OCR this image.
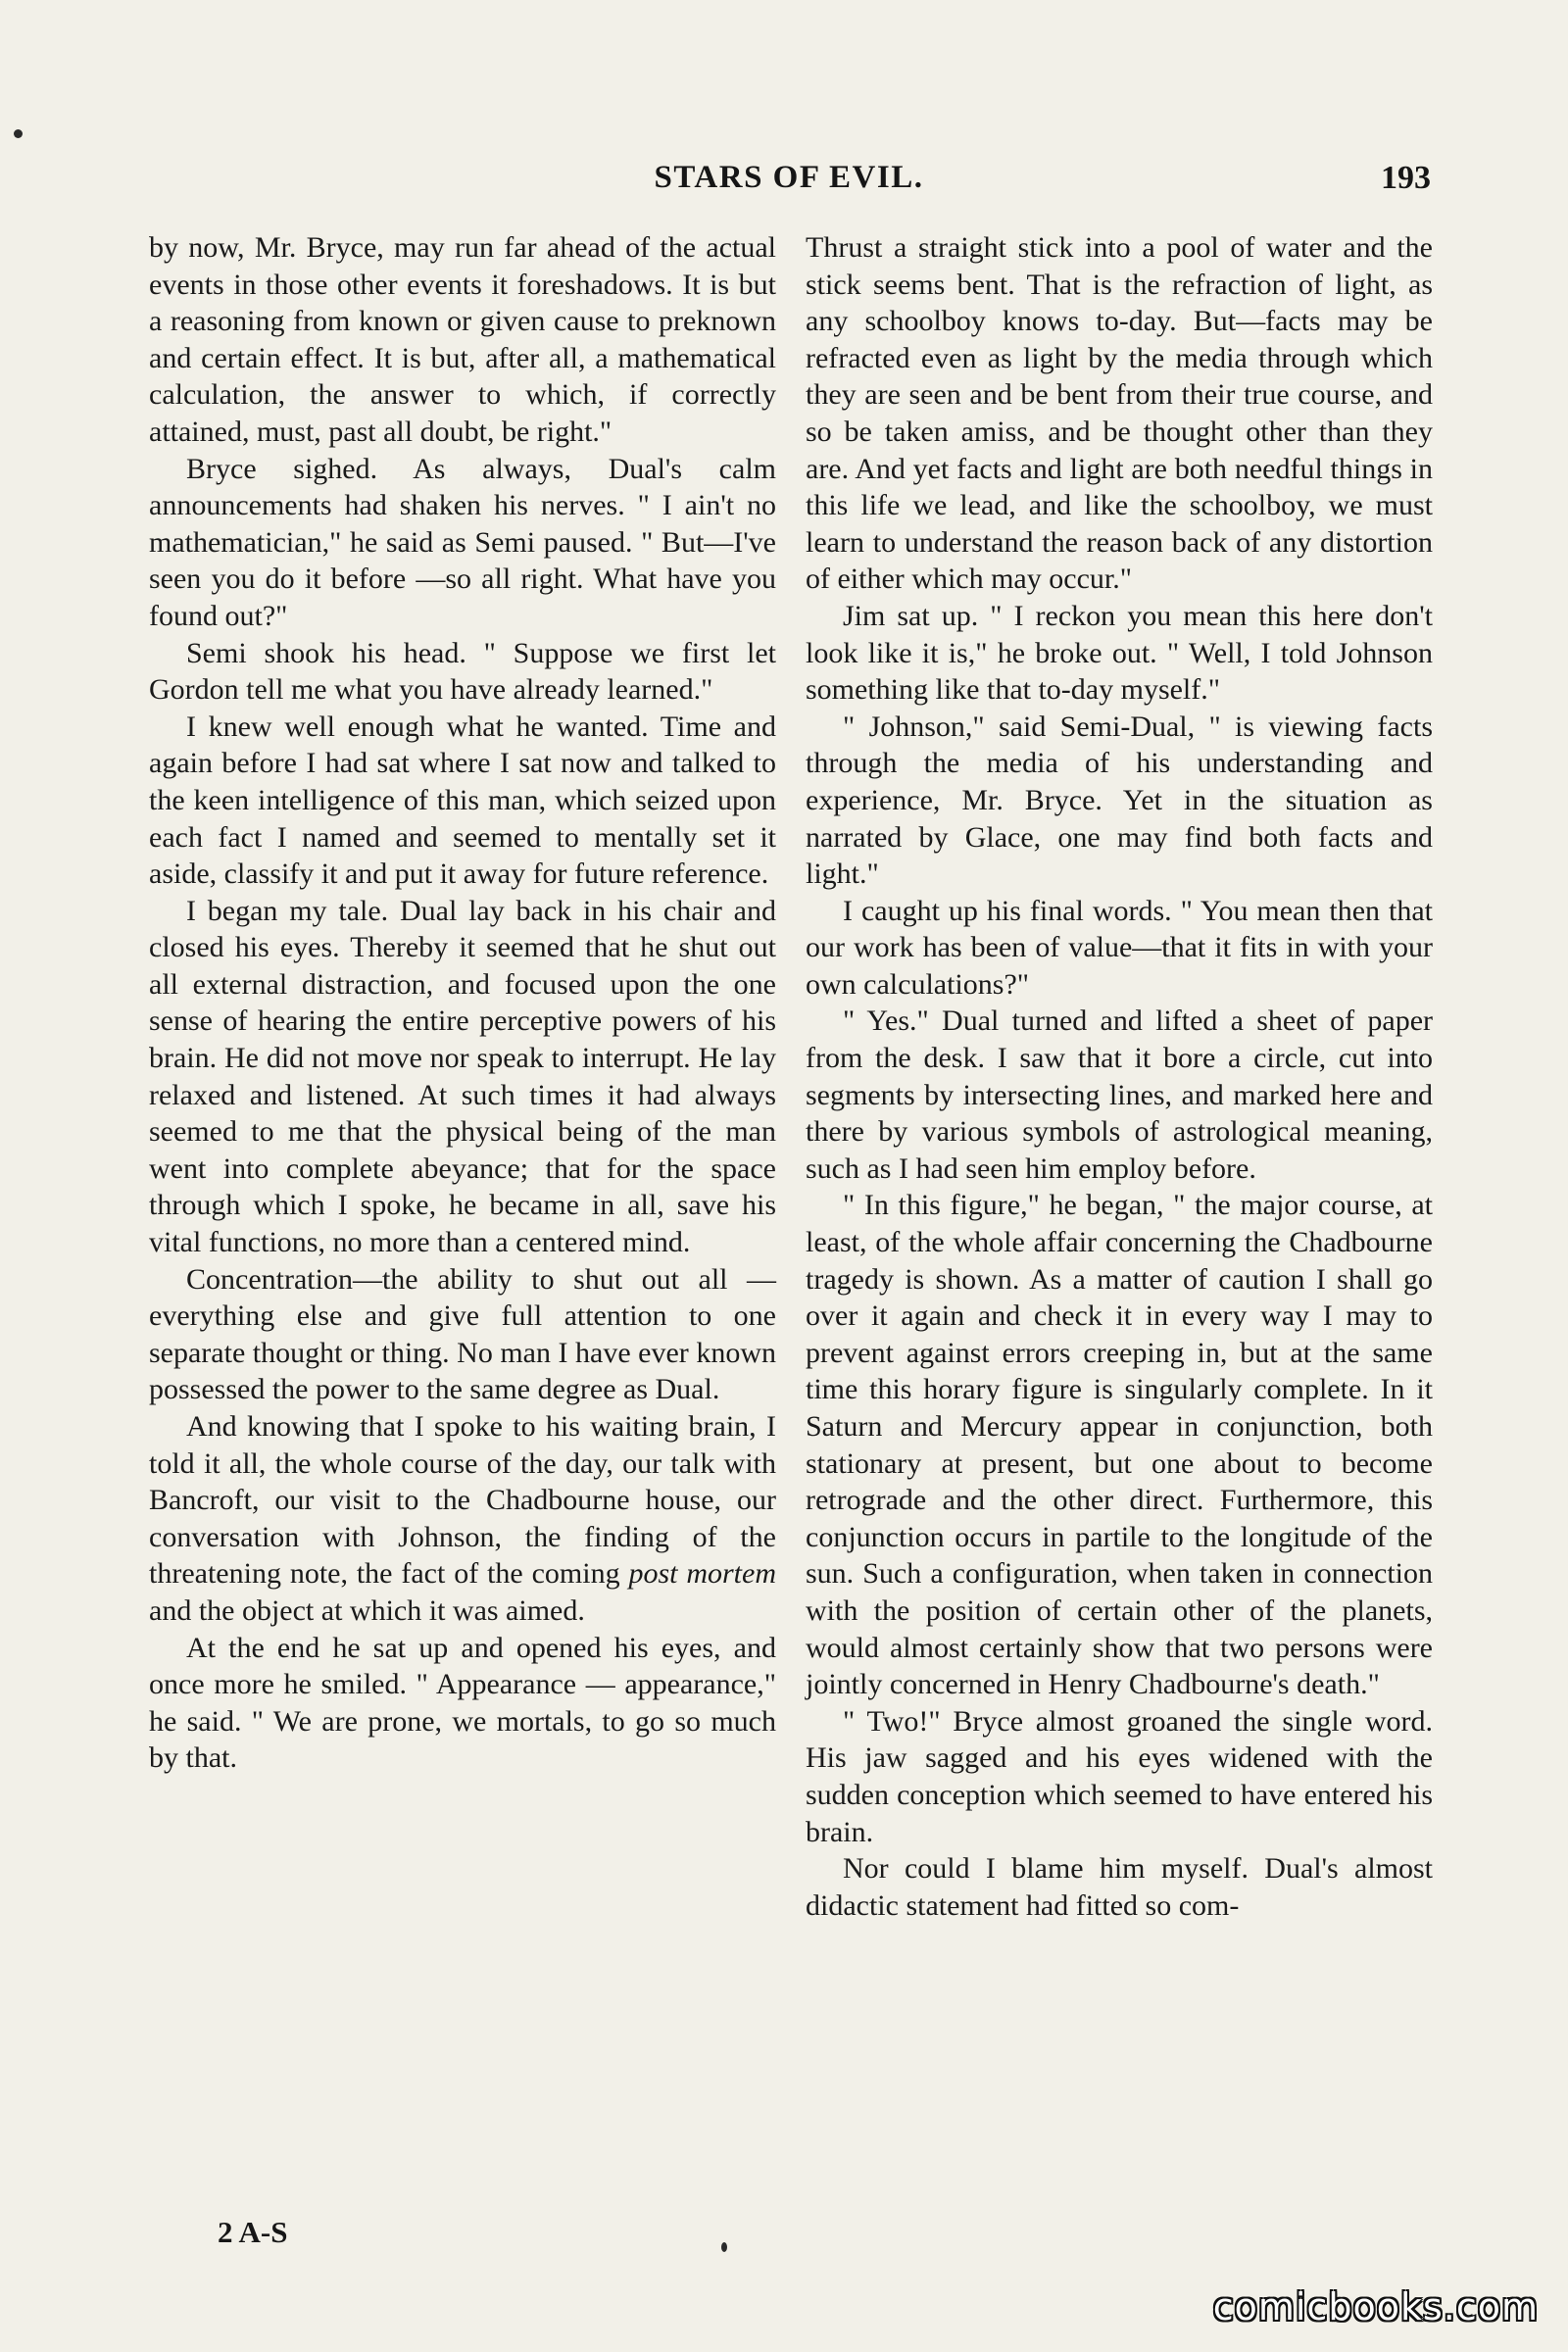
STARS OF EVIL.	193

by now, Mr. Bryce, may run far ahead of the actual events in those other events it foreshadows. It is but a reasoning from known or given cause to preknown and certain effect. It is but, after all, a mathematical calculation, the answer to which, if correctly attained, must, past all doubt, be right."

Bryce sighed. As always, Dual's calm announcements had shaken his nerves. " I ain't no mathematician," he said as Semi paused. " But—I've seen you do it before —so all right. What have you found out?"

Semi shook his head. " Suppose we first let Gordon tell me what you have already learned."

I knew well enough what he wanted. Time and again before I had sat where I sat now and talked to the keen intelligence of this man, which seized upon each fact I named and seemed to mentally set it aside, classify it and put it away for future reference.

I began my tale. Dual lay back in his chair and closed his eyes. Thereby it seemed that he shut out all external distraction, and focused upon the one sense of hearing the entire perceptive powers of his brain. He did not move nor speak to interrupt. He lay relaxed and listened. At such times it had always seemed to me that the physical being of the man went into complete abeyance; that for the space through which I spoke, he became in all, save his vital functions, no more than a centered mind.

Concentration—the ability to shut out all —everything else and give full attention to one separate thought or thing. No man I have ever known possessed the power to the same degree as Dual.

And knowing that I spoke to his waiting brain, I told it all, the whole course of the day, our talk with Bancroft, our visit to the Chadbourne house, our conversation with Johnson, the finding of the threatening note, the fact of the coming post mortem and the object at which it was aimed.

At the end he sat up and opened his eyes, and once more he smiled. " Appearance — appearance," he said. " We are prone, we mortals, to go so much by that.

Thrust a straight stick into a pool of water and the stick seems bent. That is the refraction of light, as any schoolboy knows to-day. But—facts may be refracted even as light by the media through which they are seen and be bent from their true course, and so be taken amiss, and be thought other than they are. And yet facts and light are both needful things in this life we lead, and like the schoolboy, we must learn to understand the reason back of any distortion of either which may occur."

Jim sat up. " I reckon you mean this here don't look like it is," he broke out. " Well, I told Johnson something like that to-day myself."

" Johnson," said Semi-Dual, " is viewing facts through the media of his understanding and experience, Mr. Bryce. Yet in the situation as narrated by Glace, one may find both facts and light."

I caught up his final words. " You mean then that our work has been of value—that it fits in with your own calculations?"

" Yes." Dual turned and lifted a sheet of paper from the desk. I saw that it bore a circle, cut into segments by intersecting lines, and marked here and there by various symbols of astrological meaning, such as I had seen him employ before.

" In this figure," he began, " the major course, at least, of the whole affair concerning the Chadbourne tragedy is shown. As a matter of caution I shall go over it again and check it in every way I may to prevent against errors creeping in, but at the same time this horary figure is singularly complete. In it Saturn and Mercury appear in conjunction, both stationary at present, but one about to become retrograde and the other direct. Furthermore, this conjunction occurs in partile to the longitude of the sun. Such a configuration, when taken in connection with the position of certain other of the planets, would almost certainly show that two persons were jointly concerned in Henry Chadbourne's death."

" Two!" Bryce almost groaned the single word. His jaw sagged and his eyes widened with the sudden conception which seemed to have entered his brain.

Nor could I blame him myself. Dual's almost didactic statement had fitted so com-

2 A-S
comicbooks.com
